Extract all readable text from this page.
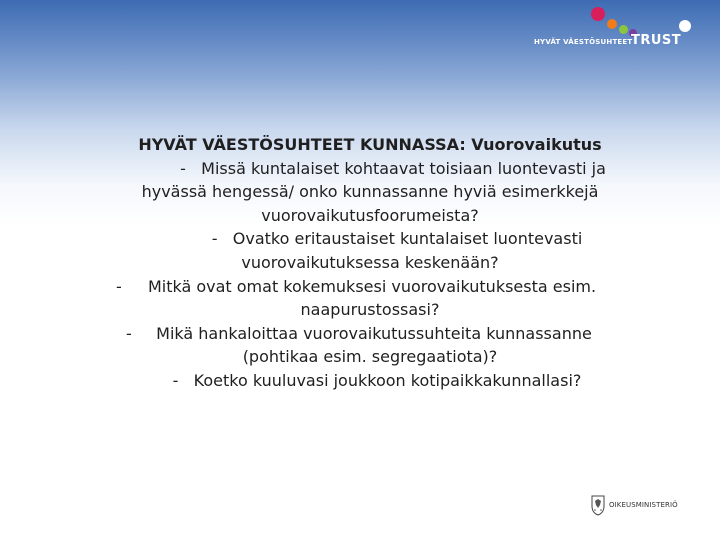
HYVÄT VÄESTÖSUHTEET
TRUST
HYVÄT VÄESTÖSUHTEET KUNNASSA: Vuorovaikutus
-   Missä kuntalaiset kohtaavat toisiaan luontevasti ja
hyvässä hengessä/ onko kunnassanne hyviä esimerkkejä
vuorovaikutusfoorumeista?
-   Ovatko eritaustaiset kuntalaiset luontevasti
vuorovaikutuksessa keskenään?
-	Mitkä ovat omat kokemuksesi vuorovaikutuksesta esim.
naapurustossasi?
-	Mikä hankaloittaa vuorovaikutussuhteita kunnassanne
(pohtikaa esim. segregaatiota)?
-   Koetko kuuluvasi joukkoon kotipaikkakunnallasi?
OIKEUSMINISTERIÖ
